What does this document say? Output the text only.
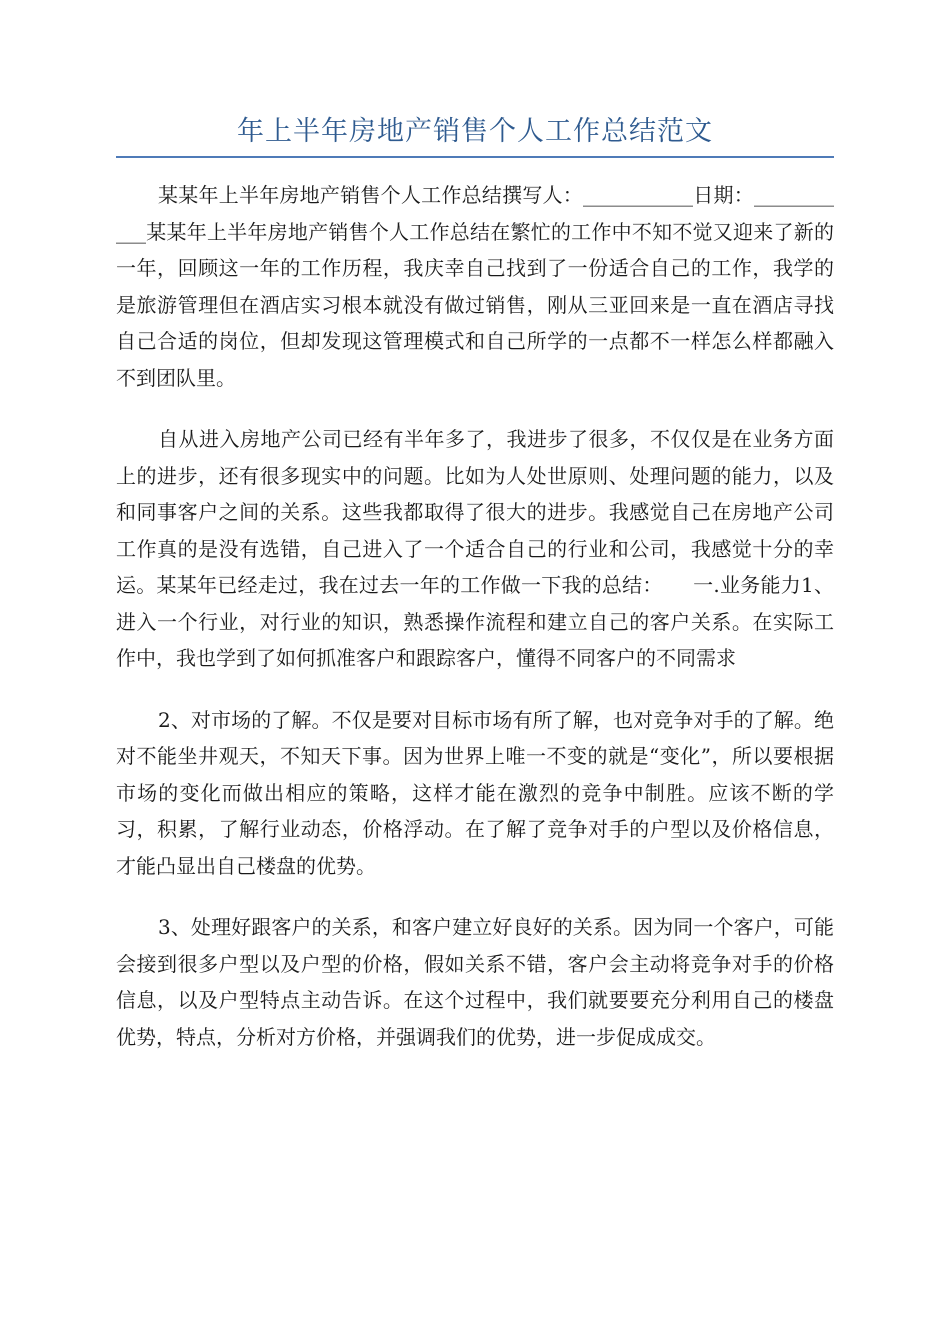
年上半年房地产销售个人工作总结范文

某某年上半年房地产销售个人工作总结撰写人：___________日期：___________某某年上半年房地产销售个人工作总结在繁忙的工作中不知不觉又迎来了新的一年，回顾这一年的工作历程，我庆幸自己找到了一份适合自己的工作，我学的是旅游管理但在酒店实习根本就没有做过销售，刚从三亚回来是一直在酒店寻找自己合适的岗位，但却发现这管理模式和自己所学的一点都不一样怎么样都融入不到团队里。

自从进入房地产公司已经有半年多了，我进步了很多，不仅仅是在业务方面上的进步，还有很多现实中的问题。比如为人处世原则、处理问题的能力，以及和同事客户之间的关系。这些我都取得了很大的进步。我感觉自己在房地产公司工作真的是没有选错，自己进入了一个适合自己的行业和公司，我感觉十分的幸运。某某年已经走过，我在过去一年的工作做一下我的总结：　　一.业务能力1、进入一个行业，对行业的知识，熟悉操作流程和建立自己的客户关系。在实际工作中，我也学到了如何抓准客户和跟踪客户，懂得不同客户的不同需求

2、对市场的了解。不仅是要对目标市场有所了解，也对竞争对手的了解。绝对不能坐井观天，不知天下事。因为世界上唯一不变的就是“变化”，所以要根据市场的变化而做出相应的策略，这样才能在激烈的竞争中制胜。应该不断的学习，积累，了解行业动态，价格浮动。在了解了竞争对手的户型以及价格信息，才能凸显出自己楼盘的优势。

3、处理好跟客户的关系，和客户建立好良好的关系。因为同一个客户，可能会接到很多户型以及户型的价格，假如关系不错，客户会主动将竞争对手的价格信息，以及户型特点主动告诉。在这个过程中，我们就要要充分利用自己的楼盘优势，特点，分析对方价格，并强调我们的优势，进一步促成成交。
